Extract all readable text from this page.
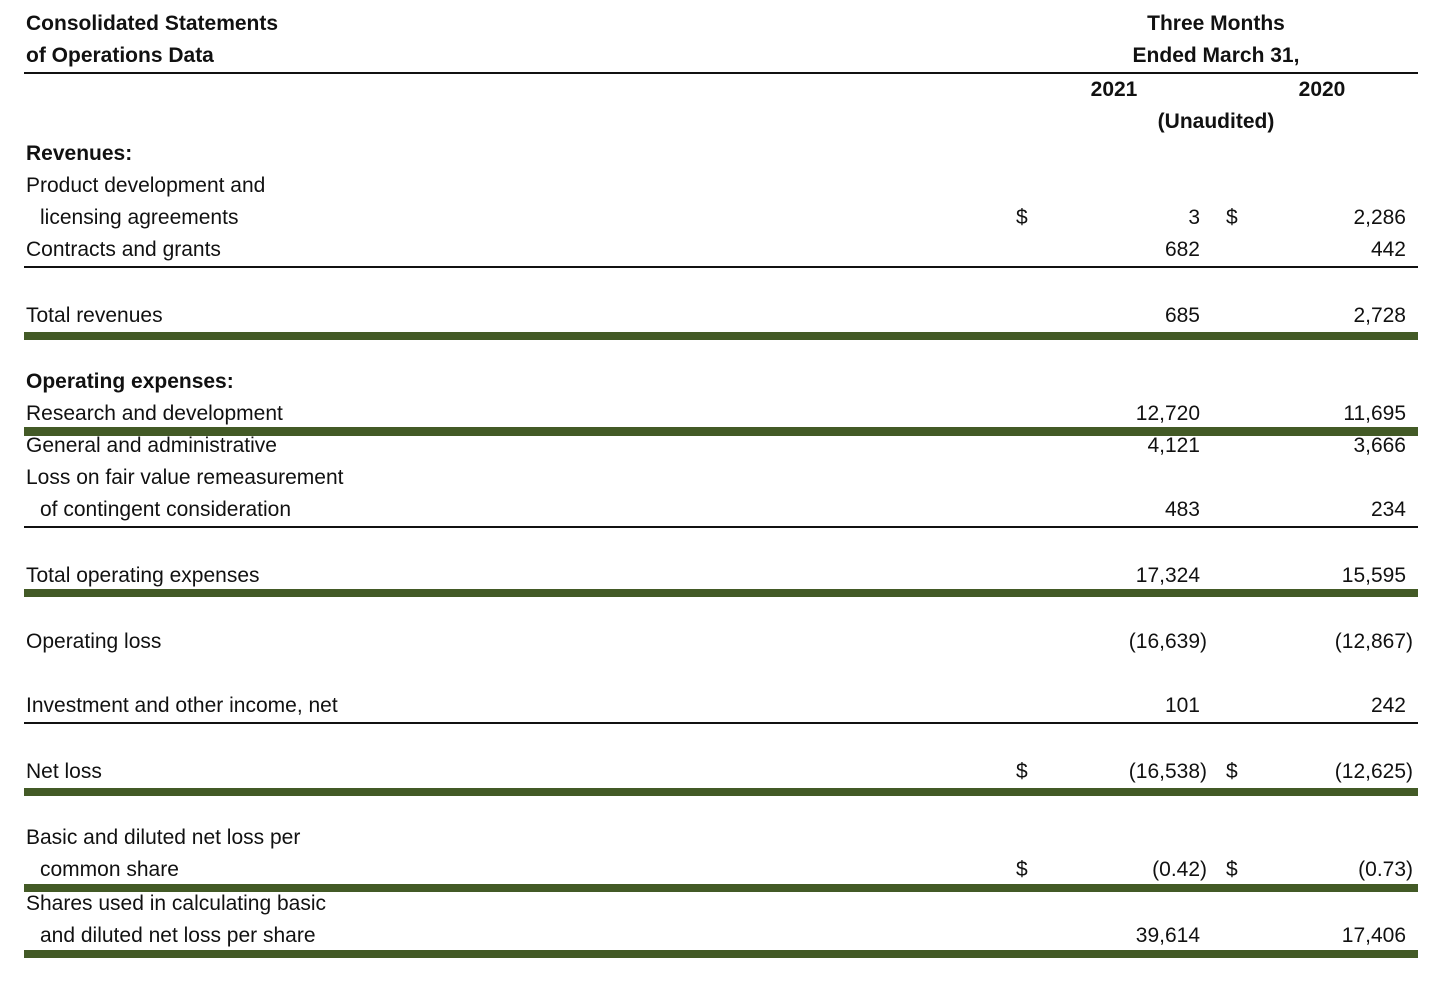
Consolidated Statements
of Operations Data
Three Months
Ended March 31,
2021	2020
(Unaudited)
Revenues:
Product development and
licensing agreements	$	3 $	2,286
Contracts and grants	682	442
Total revenues	685	2,728
Operating expenses:
Research and development	12,720	11,695
General and administrative	4,121	3,666
Loss on fair value remeasurement
of contingent consideration	483	234
Total operating expenses	17,324	15,595
Operating loss	(16,639)	(12,867)
Investment and other income, net	101	242
Net loss	$	(16,538) $	(12,625)
Basic and diluted net loss per
common share	$	(0.42) $	(0.73)
Shares used in calculating basic
and diluted net loss per share	39,614	17,406
